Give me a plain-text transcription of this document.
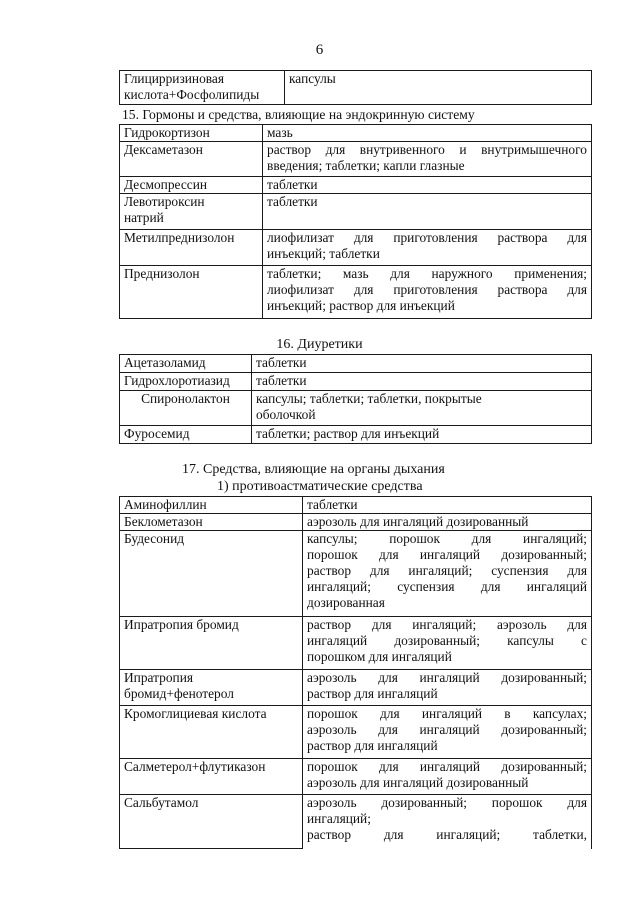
6
Глицирризиновая
кислота+Фосфолипиды
	капсулы
15. Гормоны и средства, влияющие на эндокринную систему
Гидрокортизон	мазь
Дексаметазон	раствор для внутривенного и внутримышечного
введения; таблетки; капли глазные

Десмопрессин	таблетки

Левотироксин
натрий	таблетки
Метилпреднизолон	лиофилизат для приготовления раствора для
инъекций; таблетки

Преднизолон	таблетки; мазь для наружного применения;
лиофилизат для приготовления раствора для
инъекций; раствор для инъекций
16. Диуретики
Ацетазоламид	таблетки
Гидрохлоротиазид	таблетки
Спиронолактон	капсулы; таблетки; таблетки, покрытые
оболочкой

Фуросемид	таблетки; раствор для инъекций
17. Средства, влияющие на органы дыхания
1) противоастматические средства
Аминофиллин	таблетки
Беклометазон	аэрозоль для ингаляций дозированный
Будесонид	капсулы; порошок для ингаляций;
порошок для ингаляций дозированный;
раствор для ингаляций; суспензия для
ингаляций; суспензия для ингаляций
дозированная

Ипратропия бромид	раствор для ингаляций; аэрозоль для
ингаляций дозированный; капсулы с
порошком для ингаляций

Ипратропия
бромид+фенотерол	аэрозоль для ингаляций дозированный;
раствор для ингаляций

Кромоглициевая кислота	порошок для ингаляций в капсулах;
аэрозоль для ингаляций дозированный;
раствор для ингаляций

Салметерол+флутиказон	порошок для ингаляций дозированный;
аэрозоль для ингаляций дозированный

Сальбутамол	аэрозоль дозированный; порошок для
ингаляций;
раствор для ингаляций; таблетки,
